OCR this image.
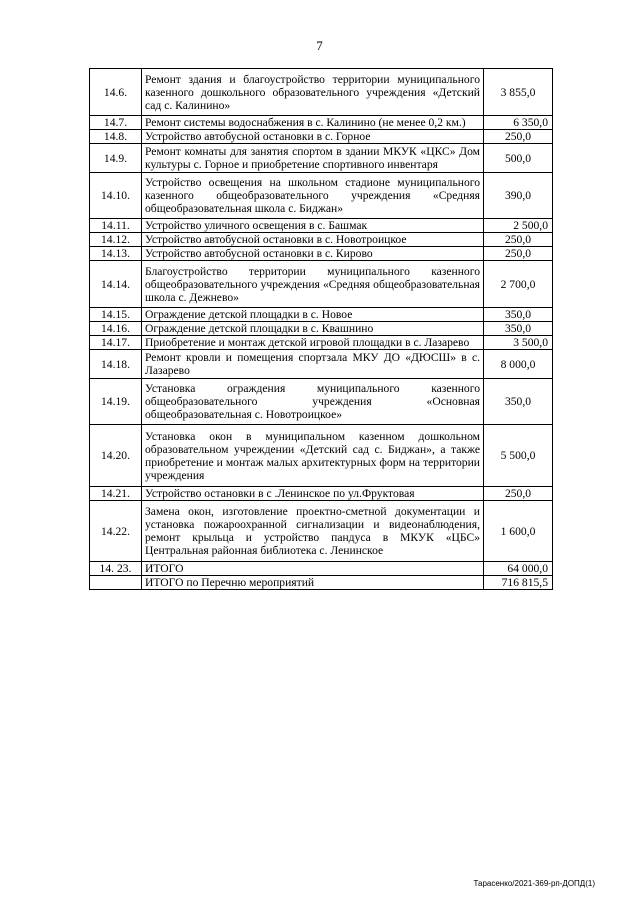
7
14.6.	Ремонт здания и благоустройство территории муниципального казенного дошкольного образовательного учреждения «Детский сад с. Калинино»	3 855,0
14.7.	Ремонт системы водоснабжения в с. Калинино (не менее 0,2 км.)	6 350,0
14.8.	Устройство автобусной остановки в с. Горное	250,0
14.9.	Ремонт комнаты для занятия спортом в здании МКУК «ЦКС» Дом культуры с. Горное и приобретение спортивного инвентаря	500,0
14.10.	Устройство освещения на школьном стадионе муниципального казенного общеобразовательного учреждения «Средняя общеобразовательная школа с. Биджан»	390,0
14.11.	Устройство уличного освещения в с. Башмак	2 500,0
14.12.	Устройство автобусной остановки в с. Новотроицкое	250,0
14.13.	Устройство автобусной остановки в с. Кирово	250,0
14.14.	Благоустройство территории муниципального казенного общеобразовательного учреждения «Средняя общеобразовательная школа с. Дежнево»	2 700,0
14.15.	Ограждение детской площадки в с. Новое	350,0
14.16.	Ограждение детской площадки в с. Квашнино	350,0
14.17.	Приобретение и монтаж детской игровой площадки в с. Лазарево	3 500,0
14.18.	Ремонт кровли и помещения спортзала МКУ ДО «ДЮСШ» в с. Лазарево	8 000,0
14.19.	Установка ограждения муниципального казенного общеобразовательного учреждения «Основная общеобразовательная с. Новотроицкое»	350,0
14.20.	Установка окон в муниципальном казенном дошкольном образовательном учреждении «Детский сад с. Биджан», а также приобретение и монтаж малых архитектурных форм на территории учреждения	5 500,0
14.21.	Устройство остановки в с .Ленинское по ул.Фруктовая	250,0
14.22.	Замена окон, изготовление проектно-сметной документации и установка пожароохранной сигнализации и видеонаблюдения, ремонт крыльца и устройство пандуса в МКУК «ЦБС» Центральная районная библиотека с. Ленинское	1 600,0
14. 23.	ИТОГО	64 000,0
	ИТОГО по Перечню мероприятий	716 815,5
Тарасенко/2021-369-рп-ДОПД(1)
